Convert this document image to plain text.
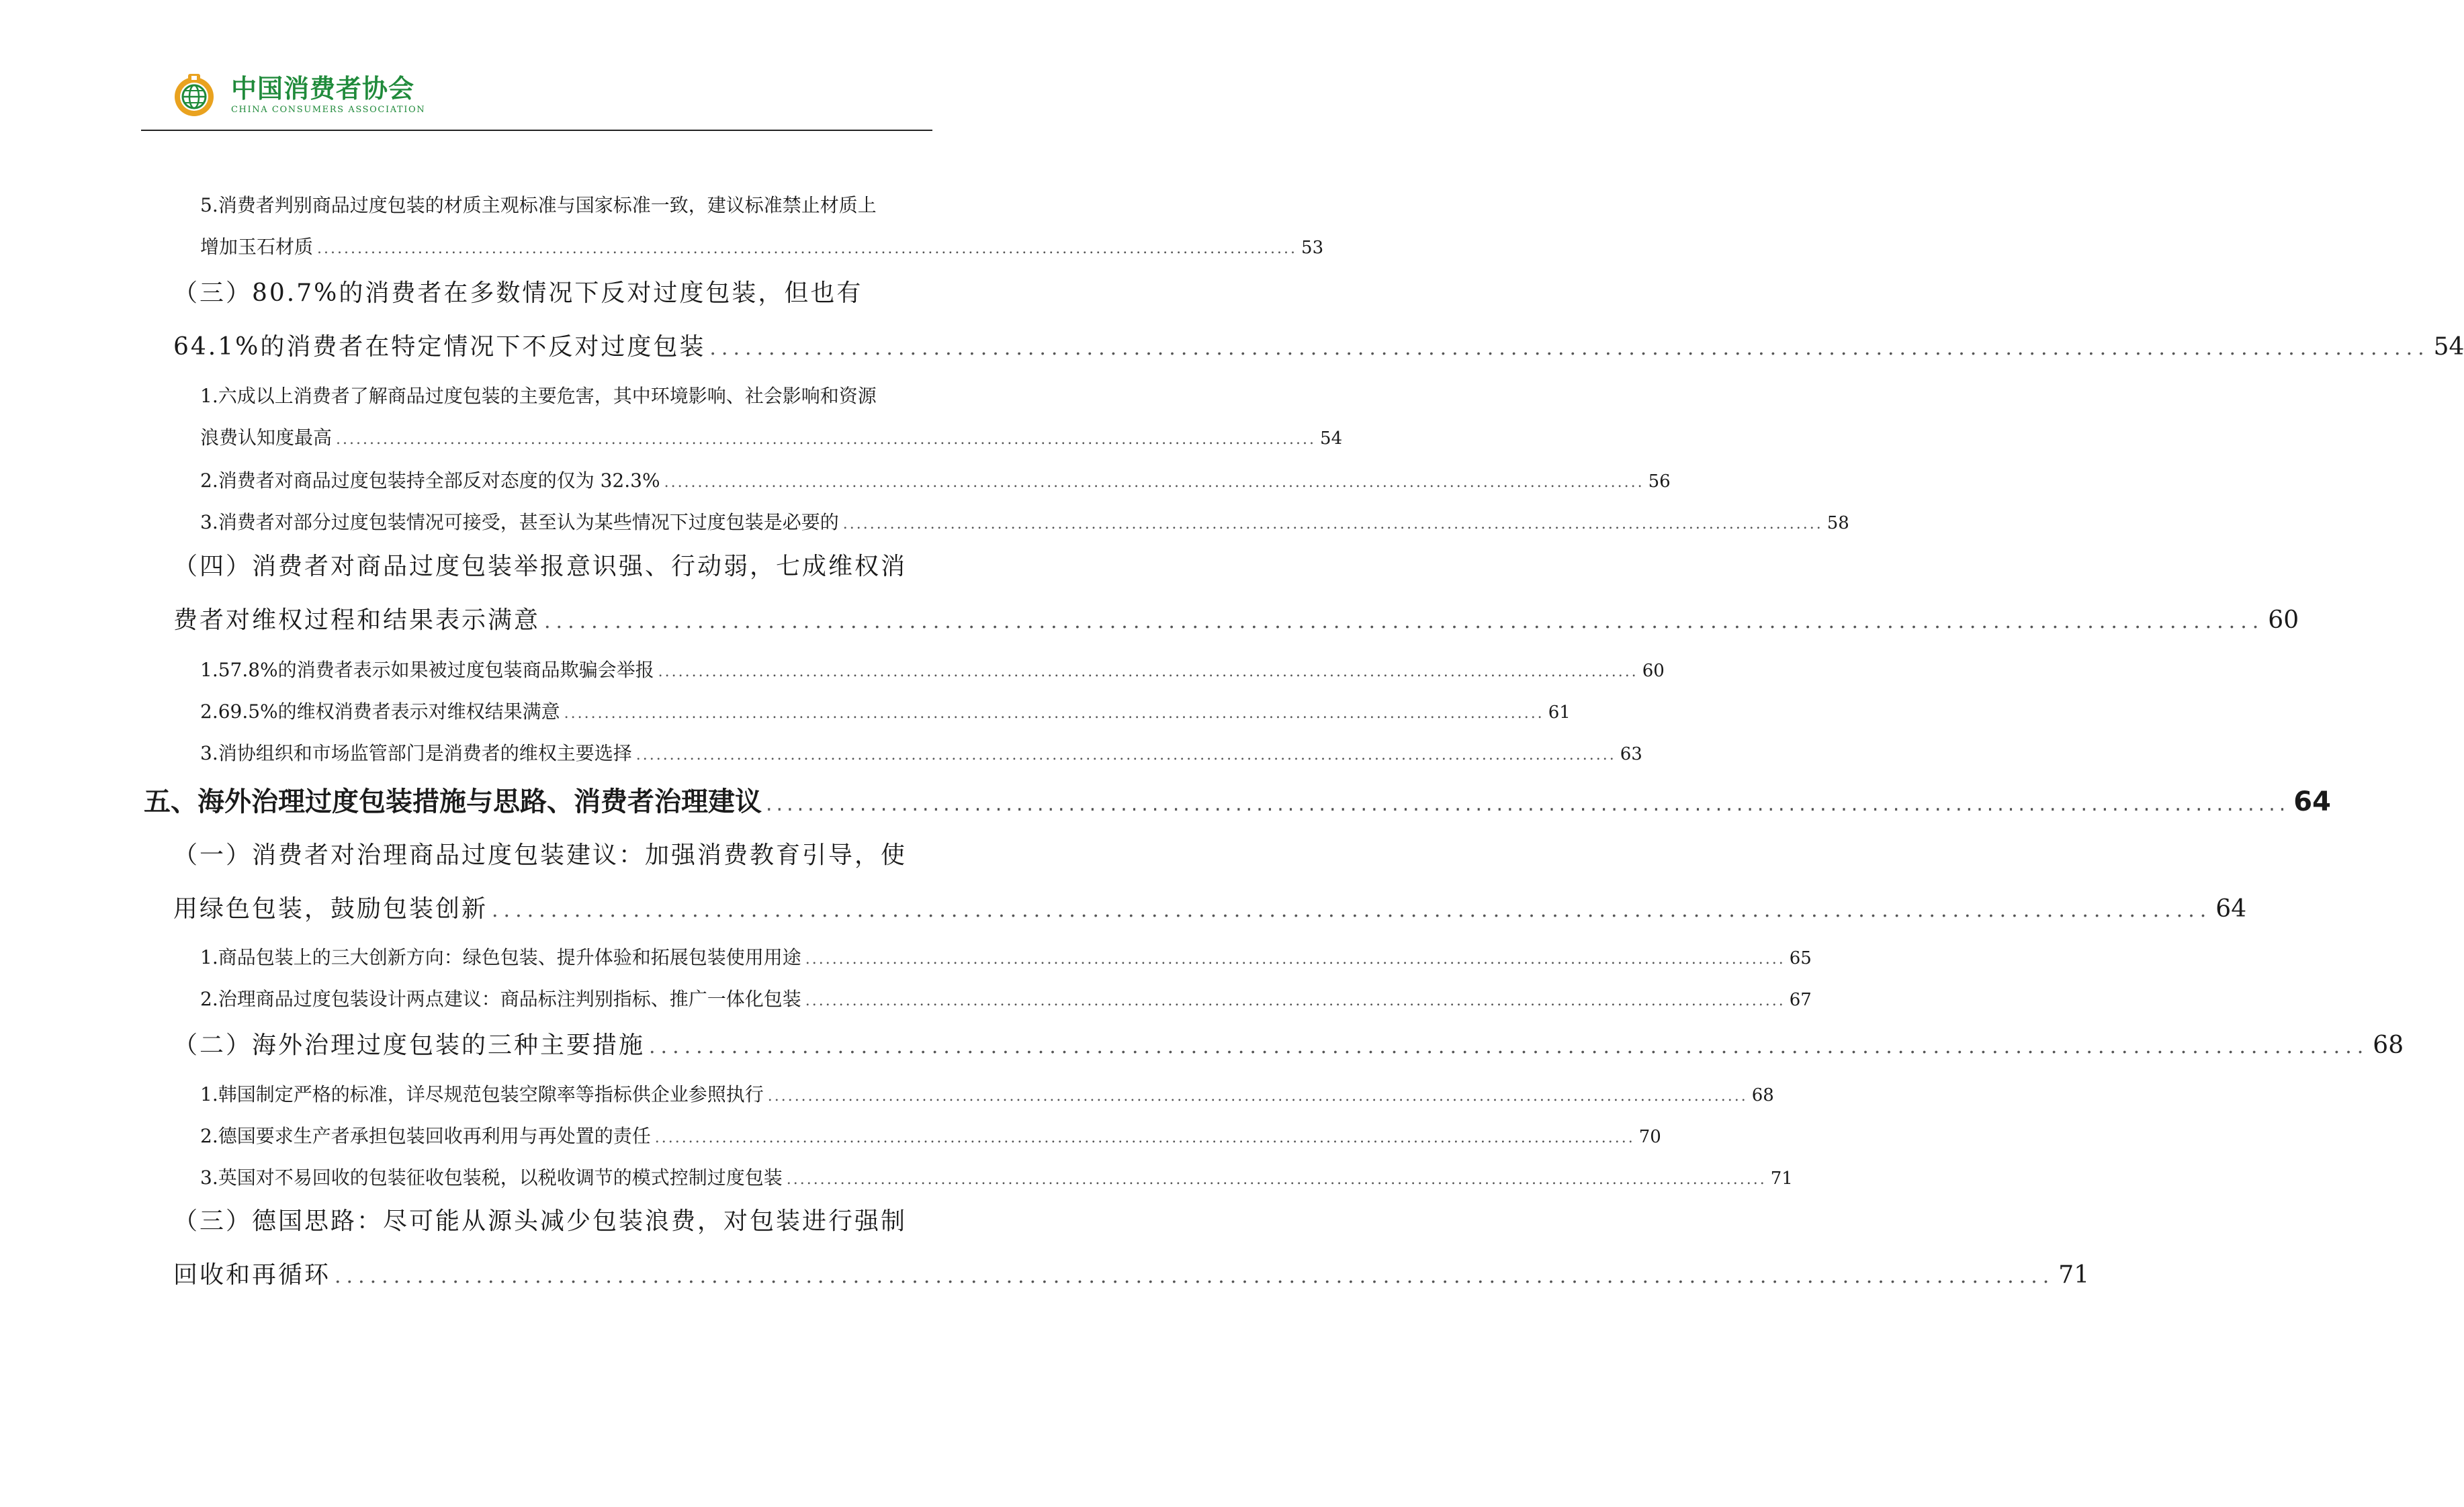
中国消费者协会
CHINA CONSUMERS ASSOCIATION
5.消费者判别商品过度包装的材质主观标准与国家标准一致，建议标准禁止材质上
增加玉石材质 .................................................................................................................................................. 53
（三）80.7%的消费者在多数情况下反对过度包装，但也有
64.1%的消费者在特定情况下不反对过度包装 .................................................................................................................................................. 54
1.六成以上消费者了解商品过度包装的主要危害，其中环境影响、社会影响和资源
浪费认知度最高 .................................................................................................................................................. 54
2.消费者对商品过度包装持全部反对态度的仅为 32.3% .................................................................................................................................................. 56
3.消费者对部分过度包装情况可接受，甚至认为某些情况下过度包装是必要的 .................................................................................................................................................. 58
（四）消费者对商品过度包装举报意识强、行动弱，七成维权消
费者对维权过程和结果表示满意 .................................................................................................................................................. 60
1.57.8%的消费者表示如果被过度包装商品欺骗会举报 .................................................................................................................................................. 60
2.69.5%的维权消费者表示对维权结果满意 .................................................................................................................................................. 61
3.消协组织和市场监管部门是消费者的维权主要选择 .................................................................................................................................................. 63
五、海外治理过度包装措施与思路、消费者治理建议 .................................................................................................................................................. 64
（一）消费者对治理商品过度包装建议：加强消费教育引导，使
用绿色包装，鼓励包装创新 .................................................................................................................................................. 64
1.商品包装上的三大创新方向：绿色包装、提升体验和拓展包装使用用途 .................................................................................................................................................. 65
2.治理商品过度包装设计两点建议：商品标注判别指标、推广一体化包装 .................................................................................................................................................. 67
（二）海外治理过度包装的三种主要措施 .................................................................................................................................................. 68
1.韩国制定严格的标准，详尽规范包装空隙率等指标供企业参照执行 .................................................................................................................................................. 68
2.德国要求生产者承担包装回收再利用与再处置的责任 .................................................................................................................................................. 70
3.英国对不易回收的包装征收包装税，以税收调节的模式控制过度包装 .................................................................................................................................................. 71
（三）德国思路：尽可能从源头减少包装浪费，对包装进行强制
回收和再循环 .................................................................................................................................................. 71
